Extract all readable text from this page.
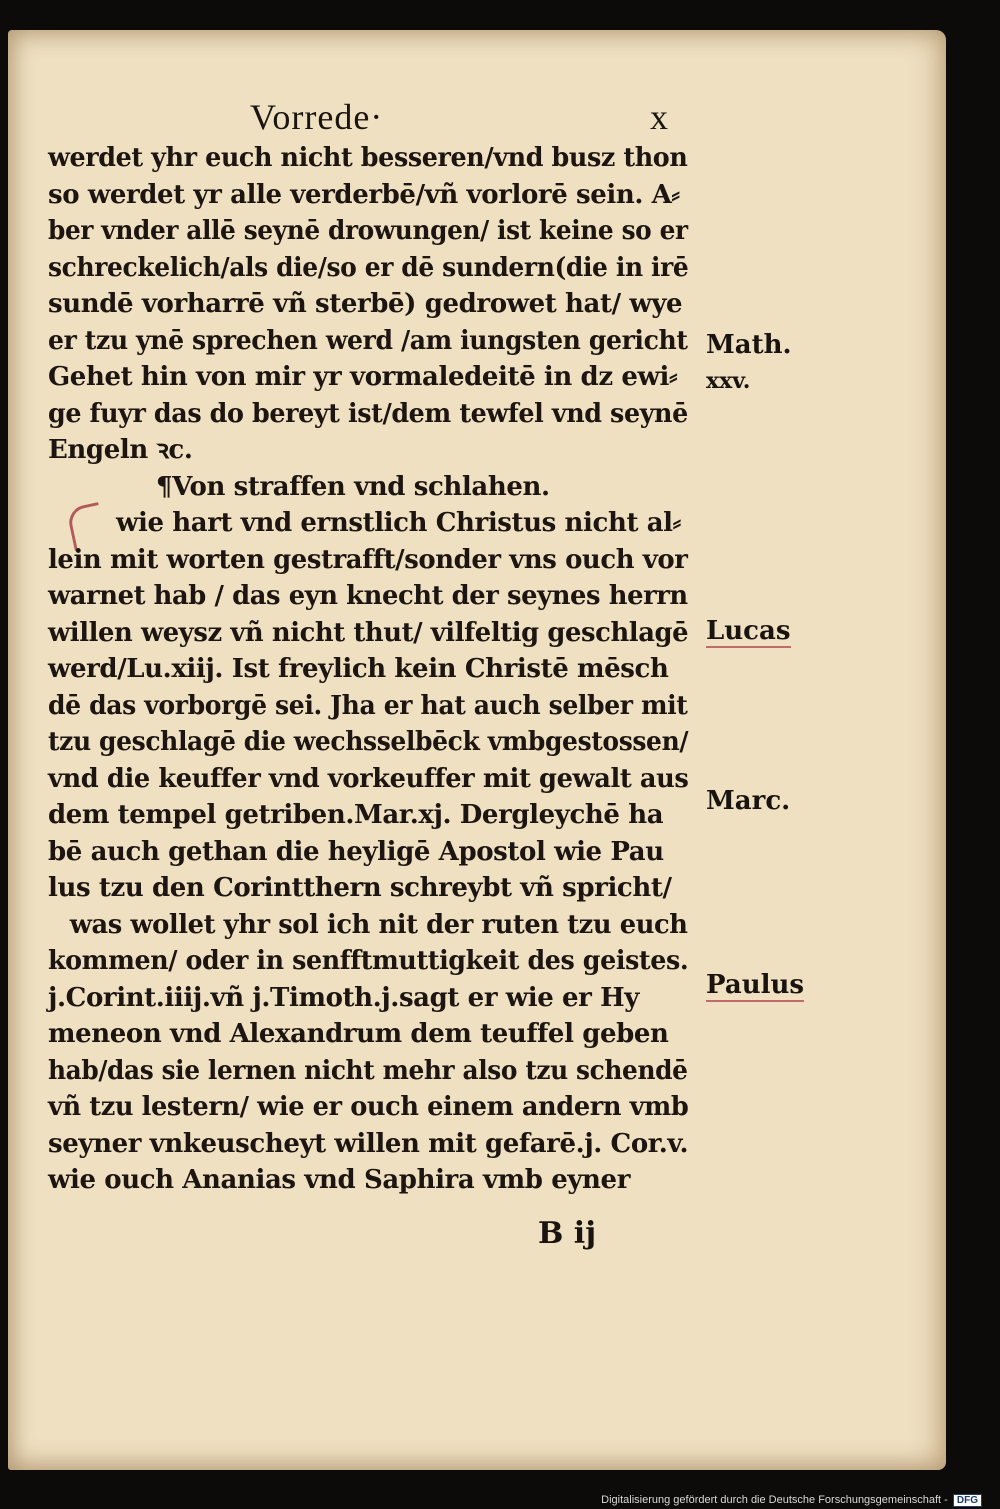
Vorrede·	x
werdet yhr euch nicht besseren/vnd busz thon
so werdet yr alle verderbē/vñ vorlorē sein. A⸗
ber vnder allē seynē drowungen/ ist keine so er
schreckelich/als die/so er dē sundern(die in irē
sundē vorharrē vñ sterbē) gedrowet hat/ wye
er tzu ynē sprechen werd /am iungsten gericht
Gehet hin von mir yr vormaledeitē in dz ewi⸗
ge fuyr das do bereyt ist/dem tewfel vnd seynē
Engeln ꝛc.
¶Von straffen vnd schlahen.
wie hart vnd ernstlich Christus nicht al⸗
lein mit worten gestrafft/sonder vns ouch vor
warnet hab / das eyn knecht der seynes herrn
willen weysz vñ nicht thut/ vilfeltig geschlagē
werd/Lu.xiij. Ist freylich kein Christē mēsch
dē das vorborgē sei. Jha er hat auch selber mit
tzu geschlagē die wechsselbēck vmbgestossen/
vnd die keuffer vnd vorkeuffer mit gewalt aus
dem tempel getriben.Mar.xj. Dergleychē ha
bē auch gethan die heyligē Apostol wie Pau
lus tzu den Corintthern schreybt vñ spricht/
was wollet yhr sol ich nit der ruten tzu euch
kommen/ oder in senfftmuttigkeit des geistes.
j.Corint.iiij.vñ j.Timoth.j.sagt er wie er Hy
meneon vnd Alexandrum dem teuffel geben
hab/das sie lernen nicht mehr also tzu schendē
vñ tzu lestern/ wie er ouch einem andern vmb
seyner vnkeuscheyt willen mit gefarē.j. Cor.v.
wie ouch Ananias vnd Saphira vmb eyner
Math.
xxv.
Lucas
Marc.
Paulus
B ij
Digitalisierung gefördert durch die Deutsche Forschungsgemeinschaft - DFG
